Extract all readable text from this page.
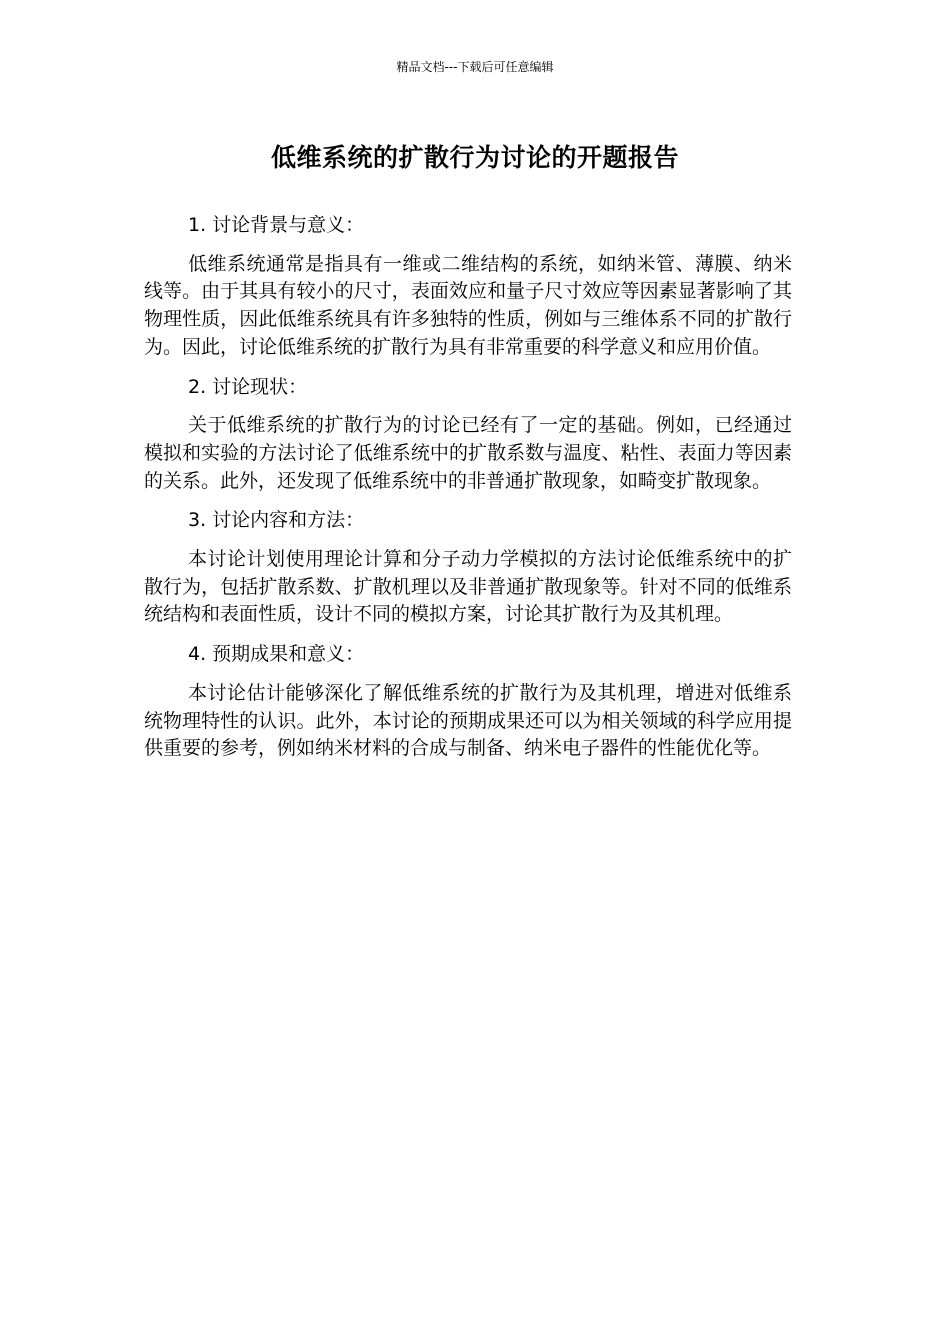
精品文档---下载后可任意编辑
低维系统的扩散行为讨论的开题报告

1. 讨论背景与意义：

低维系统通常是指具有一维或二维结构的系统，如纳米管、薄膜、纳米线等。由于其具有较小的尺寸，表面效应和量子尺寸效应等因素显著影响了其物理性质，因此低维系统具有许多独特的性质，例如与三维体系不同的扩散行为。因此，讨论低维系统的扩散行为具有非常重要的科学意义和应用价值。

2. 讨论现状：

关于低维系统的扩散行为的讨论已经有了一定的基础。例如，已经通过模拟和实验的方法讨论了低维系统中的扩散系数与温度、粘性、表面力等因素的关系。此外，还发现了低维系统中的非普通扩散现象，如畸变扩散现象。

3. 讨论内容和方法：

本讨论计划使用理论计算和分子动力学模拟的方法讨论低维系统中的扩散行为，包括扩散系数、扩散机理以及非普通扩散现象等。针对不同的低维系统结构和表面性质，设计不同的模拟方案，讨论其扩散行为及其机理。

4. 预期成果和意义：

本讨论估计能够深化了解低维系统的扩散行为及其机理，增进对低维系统物理特性的认识。此外，本讨论的预期成果还可以为相关领域的科学应用提供重要的参考，例如纳米材料的合成与制备、纳米电子器件的性能优化等。
